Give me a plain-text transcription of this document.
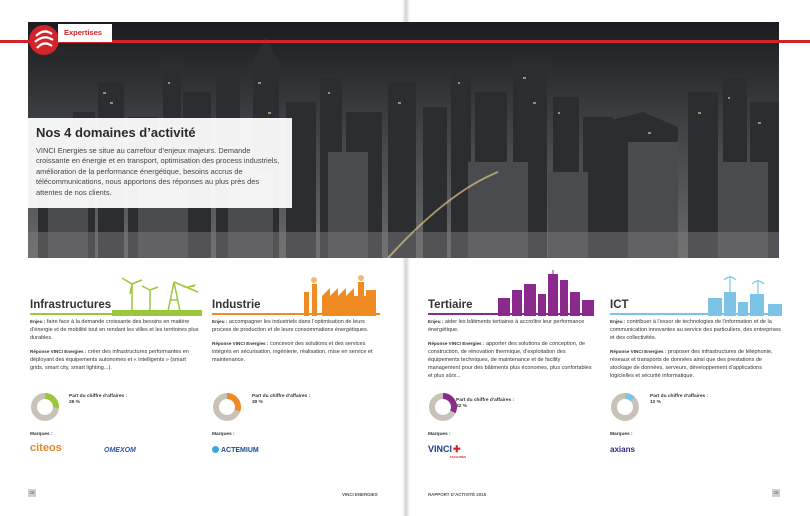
Expertises
Nos 4 domaines d’activité

VINCI Energies se situe au carrefour d’enjeux majeurs. Demande croissante en énergie et en transport, optimisation des process industriels, amélioration de la performance énergétique, besoins accrus de télécommunications, nous apportons des réponses au plus près des attentes de nos clients.

Infrastructures
Enjeu : faire face à la demande croissante des besoins en matière d’énergie et de mobilité tout en rendant les villes et les territoires plus durables.
Réponse VINCI Energies : créer des infrastructures performantes en déployant des équipements autonomes et « intelligents » (smart grids, smart city, smart lighting...).
Part du chiffre d’affaires :
26 %
Marques :
citeos	OMEXOM
Industrie
Enjeu : accompagner les industriels dans l’optimisation de leurs process de production et de leurs consommations énergétiques.
Réponse VINCI Energies : concevoir des solutions et des services intégrés en sécurisation, ingénierie, réalisation, mise en service et maintenance.
Part du chiffre d’affaires :
30 %
Marques :
ACTEMIUM
Tertiaire
Enjeu : aider les bâtiments tertiaires à accroître leur performance énergétique.
Réponse VINCI Energies : apporter des solutions de conception, de construction, de rénovation thermique, d’exploitation des équipements techniques, de maintenance et de facility management pour des bâtiments plus économes, plus confortables et plus sûrs...
Part du chiffre d’affaires :
32 %
Marques :
VINCI✚
FACILITIES
ICT
Enjeu : contribuer à l’essor de technologies de l’information et de la communication innovantes au service des particuliers, des entreprises et des collectivités.
Réponse VINCI Energies : proposer des infrastructures de téléphonie, réseaux et transports de données ainsi que des prestations de stockage de données, serveurs, développement d’applications logicielles et sécurité informatique.
Part du chiffre d’affaires :
12 %
Marques :
axians
28	VINCI ENERGIES	RAPPORT D’ACTIVITÉ 2015	29
